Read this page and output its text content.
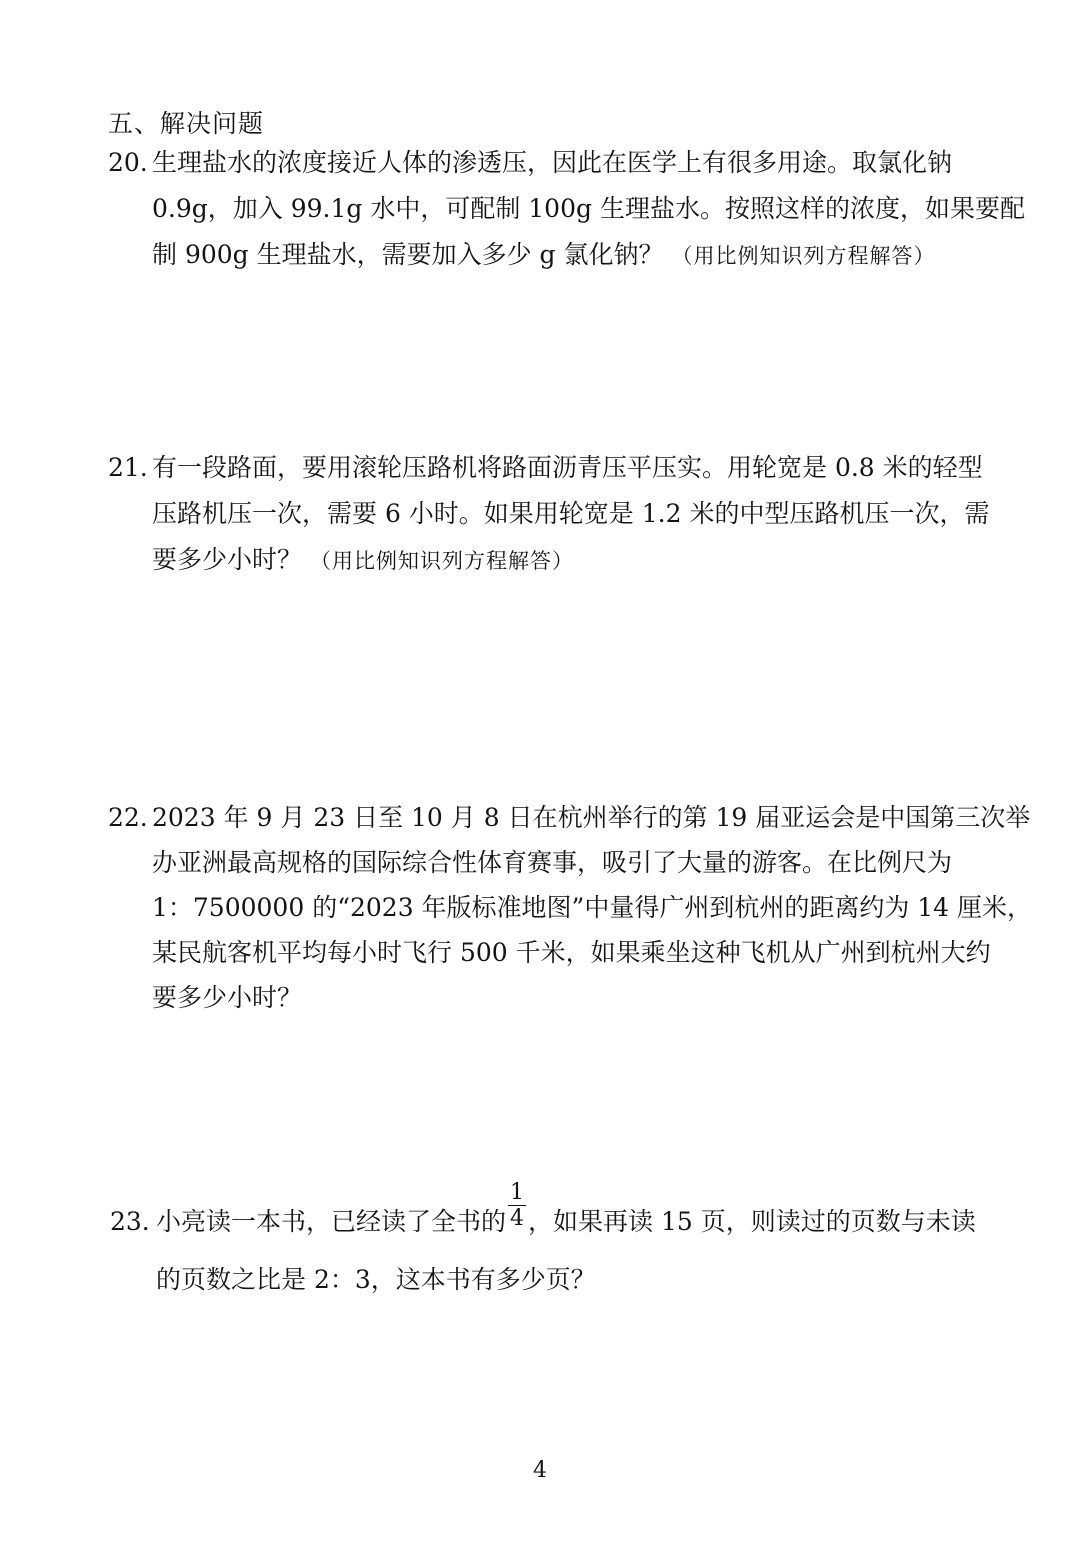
五、解决问题
20. 生理盐水的浓度接近人体的渗透压，因此在医学上有很多用途。取氯化钠
0.9g，加入 99.1g 水中，可配制 100g 生理盐水。按照这样的浓度，如果要配
制 900g 生理盐水，需要加入多少 g 氯化钠？ （用比例知识列方程解答）
21. 有一段路面，要用滚轮压路机将路面沥青压平压实。用轮宽是 0.8 米的轻型
压路机压一次，需要 6 小时。如果用轮宽是 1.2 米的中型压路机压一次，需
要多少小时？ （用比例知识列方程解答）
22. 2023 年 9 月 23 日至 10 月 8 日在杭州举行的第 19 届亚运会是中国第三次举
办亚洲最高规格的国际综合性体育赛事，吸引了大量的游客。在比例尺为
1：7500000 的“2023 年版标准地图”中量得广州到杭州的距离约为 14 厘米，
某民航客机平均每小时飞行 500 千米，如果乘坐这种飞机从广州到杭州大约
要多少小时？
23. 小亮读一本书，已经读了全书的 $\frac{1}{4}$ ，如果再读 15 页，则读过的页数与未读
的页数之比是 2：3，这本书有多少页？
4
